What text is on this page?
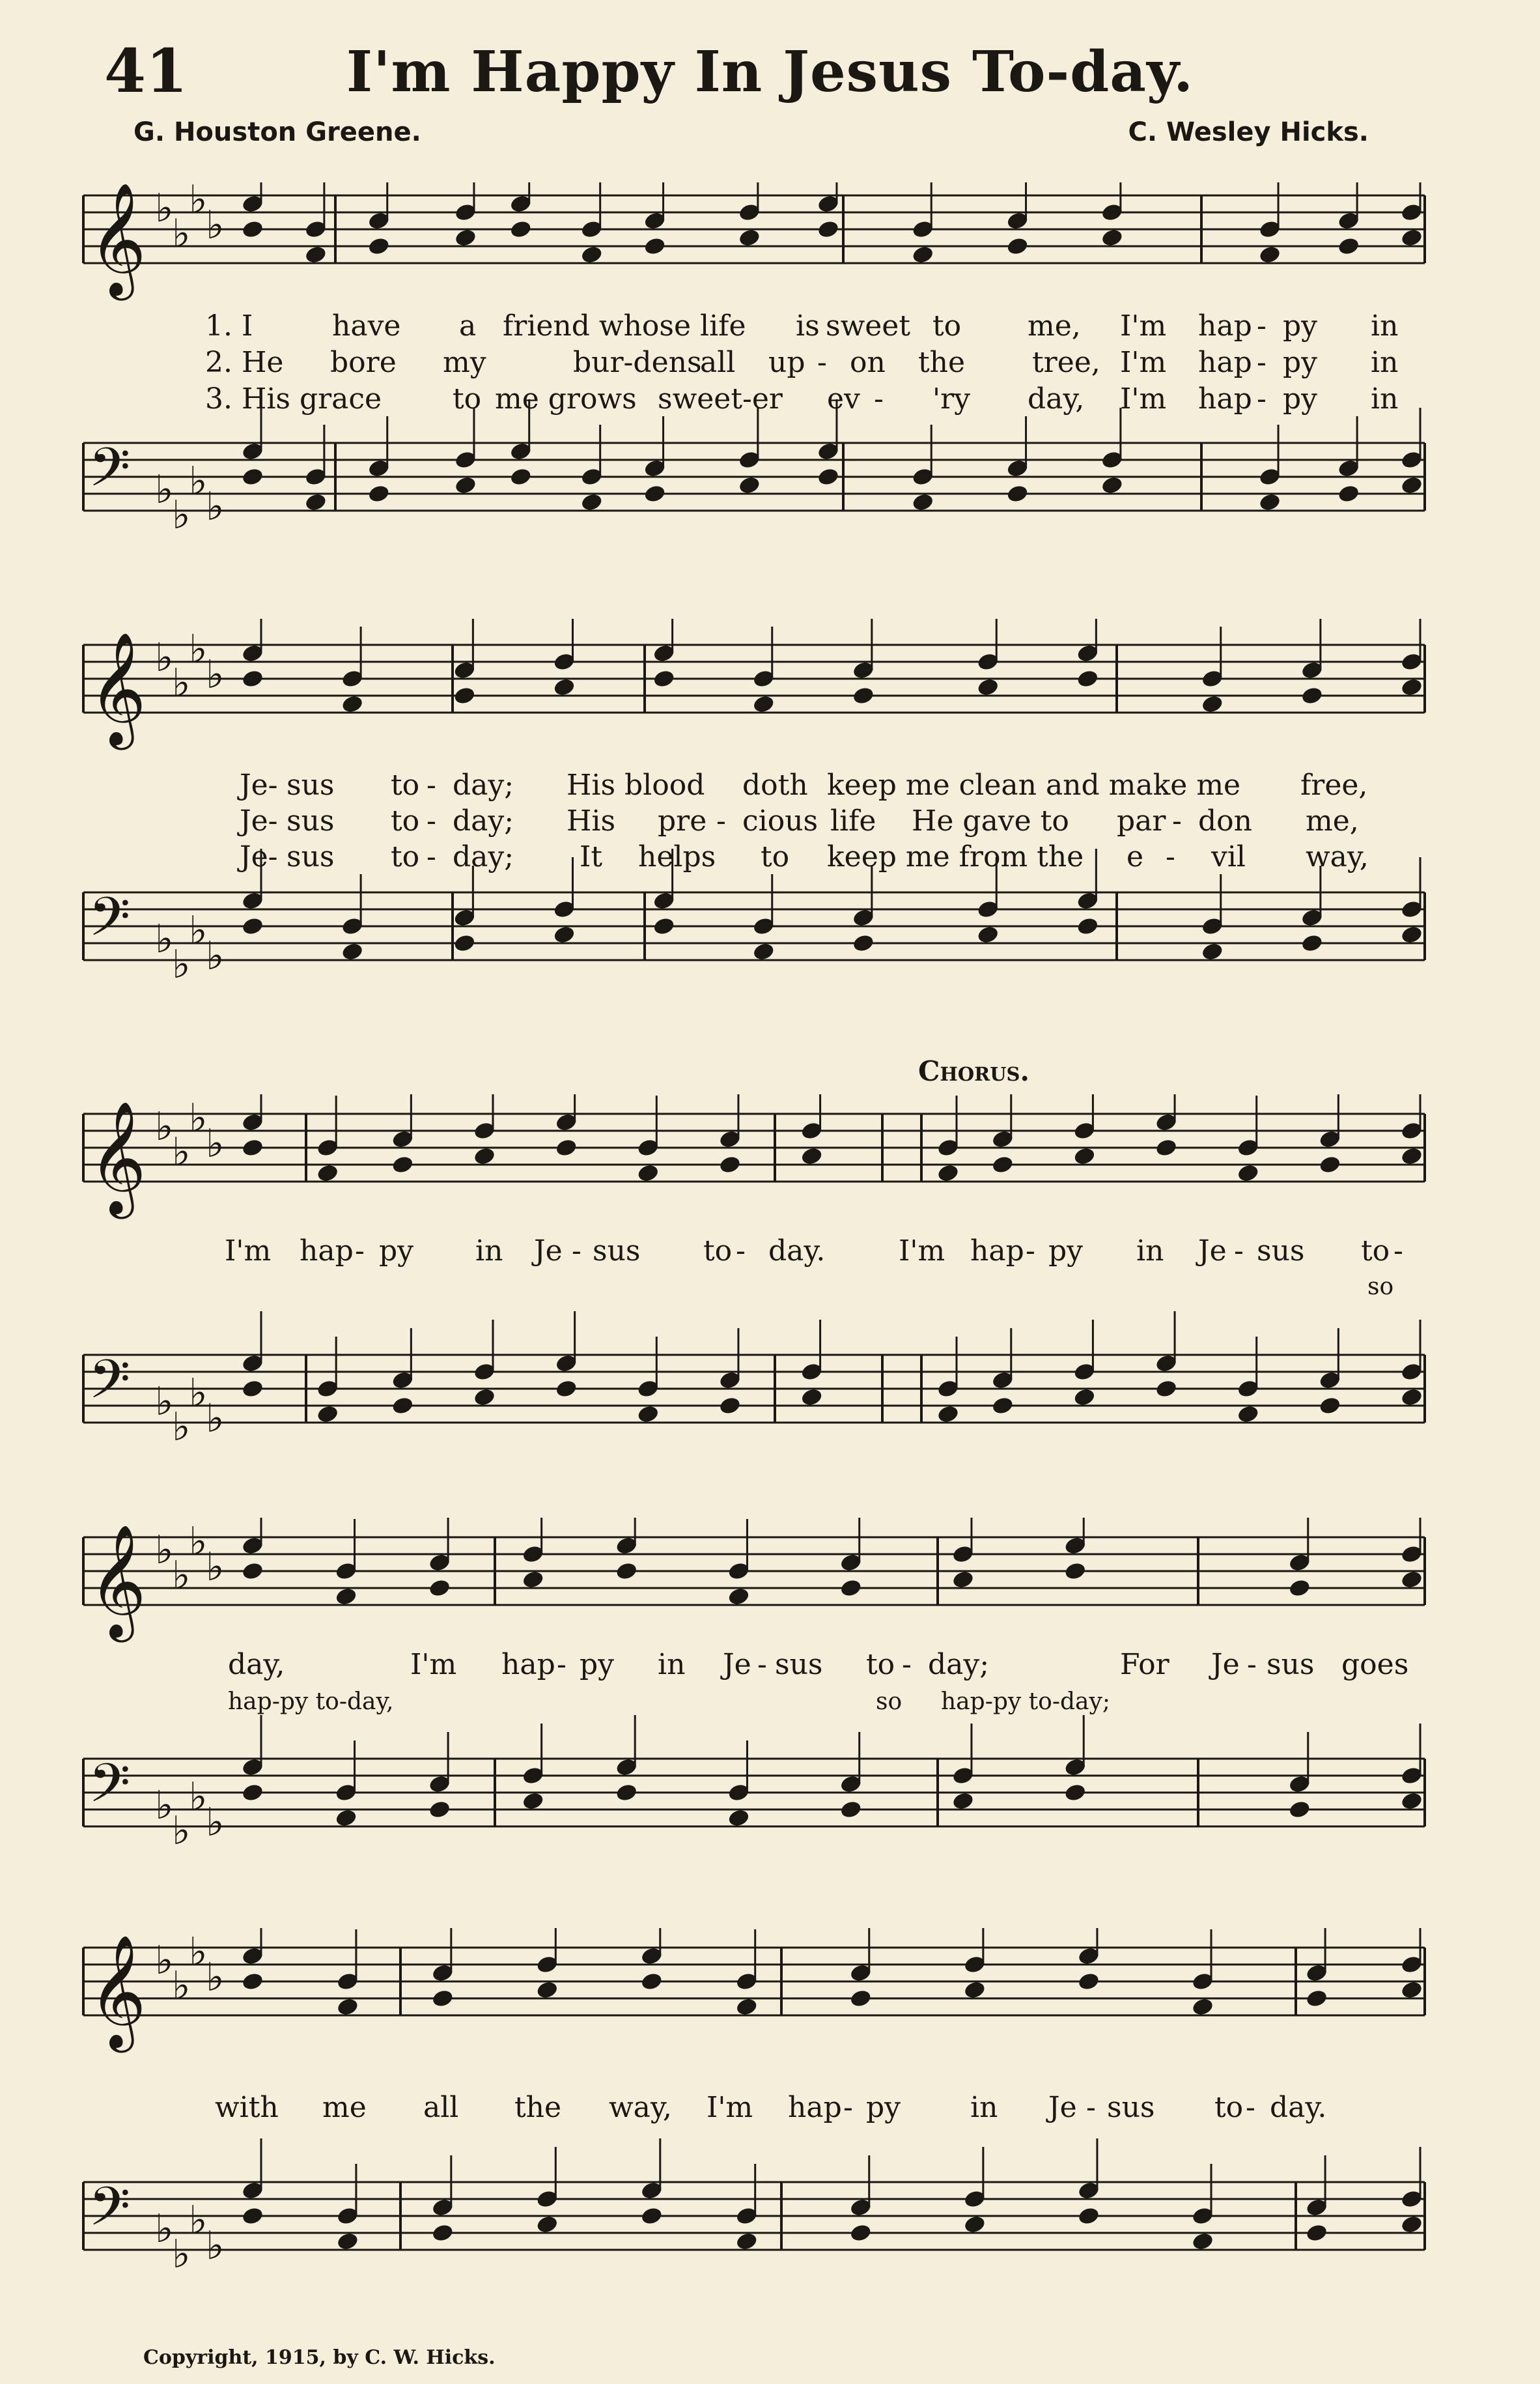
41	I'm Happy In Jesus To-day.
G. Houston Greene.	C. Wesley Hicks.
𝄞 ♭
♭
♭
♭
𝄢 ♭
♭
♭
♭
1. I	have a friend whose life is sweet to me, I'm hap - py in
2. He bore my	bur-dens
all up - on the tree, I'm hap - py in
3. His grace to me grows sweet-er ev - 'ry day, I'm hap - py in
𝄞 ♭
♭
♭
♭
𝄢 ♭
♭
♭
♭
Je- sus to - day; His blood doth keep me clean and make me free,
Je- sus to - day; His pre - cious life He gave to par - don me,
Je- sus to - day; It helps to keep me from the e - vil way,
Chorus.
𝄞 ♭
♭
♭
♭
𝄢 ♭
♭
♭
♭
I'm hap - py in Je - sus to - day.	I'm hap - py in Je - sus to -
so
𝄞 ♭
♭
♭
♭
𝄢 ♭
♭
♭
♭
day,	I'm hap - py in Je - sus to - day;	For Je - sus goes
hap-py to-day,	so hap-py to-day;
𝄞 ♭
♭
♭
♭
𝄢 ♭
♭
♭
♭
with me all the way, I'm hap - py in Je - sus to - day.
Copyright, 1915, by C. W. Hicks.
